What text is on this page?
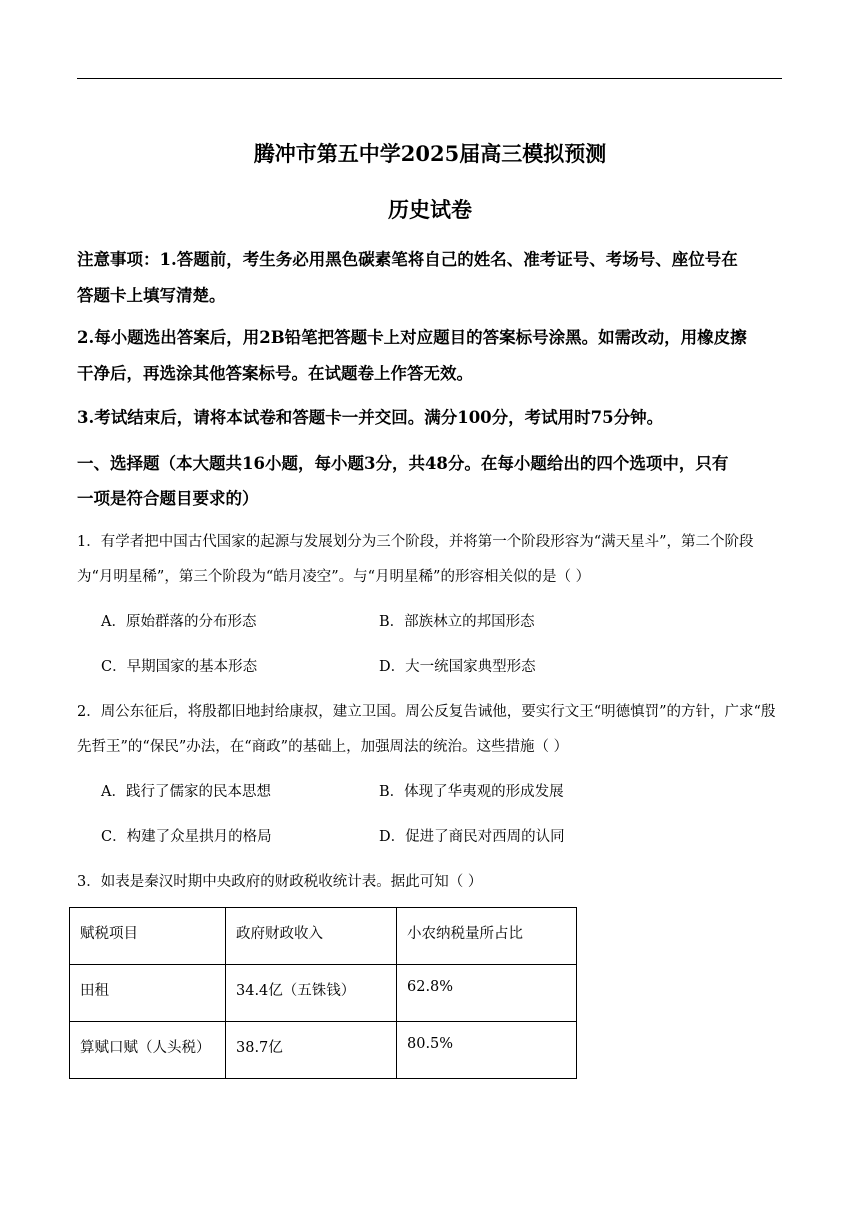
腾冲市第五中学2025届高三模拟预测
历史试卷
注意事项：1.答题前，考生务必用黑色碳素笔将自己的姓名、准考证号、考场号、座位号在
答题卡上填写清楚。
2.每小题选出答案后，用2B铅笔把答题卡上对应题目的答案标号涂黑。如需改动，用橡皮擦
干净后，再选涂其他答案标号。在试题卷上作答无效。
3.考试结束后，请将本试卷和答题卡一并交回。满分100分，考试用时75分钟。
一、选择题（本大题共16小题，每小题3分，共48分。在每小题给出的四个选项中，只有
一项是符合题目要求的）
1．有学者把中国古代国家的起源与发展划分为三个阶段，并将第一个阶段形容为“满天星斗”，第二个阶段
为“月明星稀”，第三个阶段为“皓月凌空”。与“月明星稀”的形容相关似的是（ ）
A．原始群落的分布形态	B．部族林立的邦国形态
C．早期国家的基本形态	D．大一统国家典型形态
2．周公东征后，将殷都旧地封给康叔，建立卫国。周公反复告诫他，要实行文王“明德慎罚”的方针，广求“殷
先哲王”的“保民”办法，在“商政”的基础上，加强周法的统治。这些措施（ ）
A．践行了儒家的民本思想	B．体现了华夷观的形成发展
C．构建了众星拱月的格局	D．促进了商民对西周的认同
3．如表是秦汉时期中央政府的财政税收统计表。据此可知（ ）
赋税项目	政府财政收入	小农纳税量所占比
田租	34.4亿（五铢钱）	62.8%
算赋口赋（人头税）	38.7亿	80.5%
